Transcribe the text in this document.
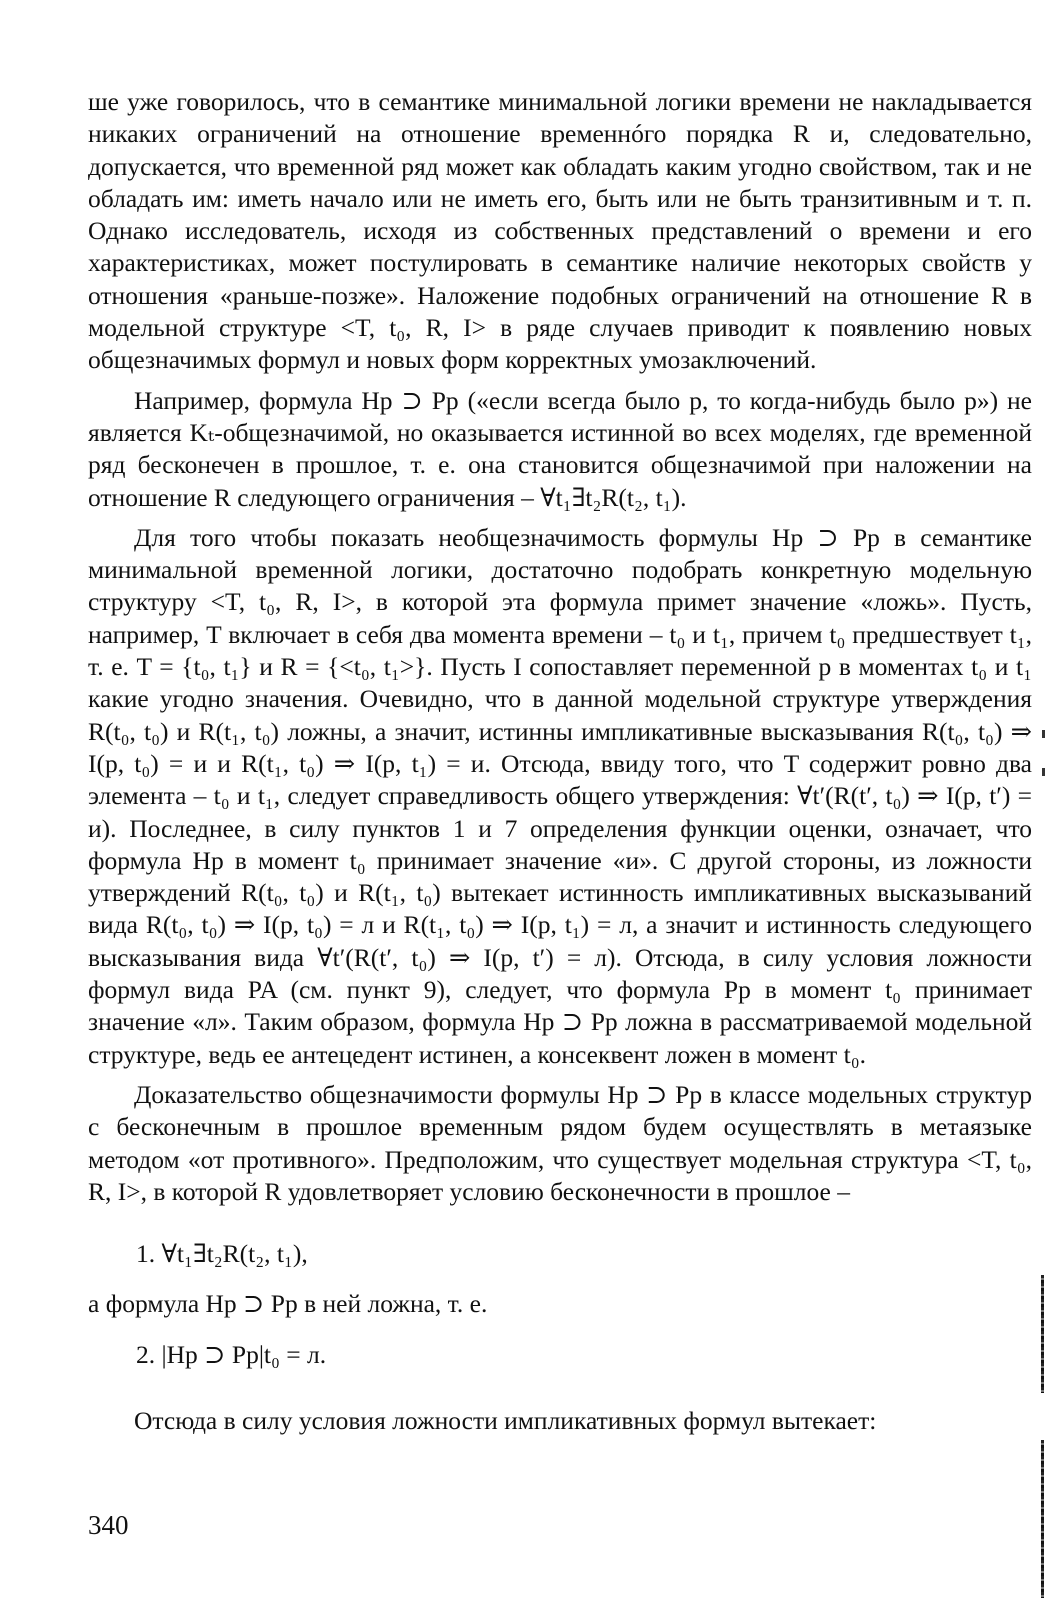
ше уже говорилось, что в семантике минимальной логики времени не накладывается никаких ограничений на отношение временнóго порядка R и, следовательно, допускается, что временной ряд может как обладать каким угодно свойством, так и не обладать им: иметь начало или не иметь его, быть или не быть транзитивным и т. п. Однако исследователь, исходя из собственных представлений о времени и его характеристиках, может постулировать в семантике наличие некоторых свойств у отношения «раньше-позже». Наложение подобных ограничений на отношение R в модельной структуре <T, t₀, R, I> в ряде случаев приводит к появлению новых общезначимых формул и новых форм корректных умозаключений.

Например, формула Hp ⊃ Pp («если всегда было p, то когда-нибудь было p») не является Kₜ-общезначимой, но оказывается истинной во всех моделях, где временной ряд бесконечен в прошлое, т. е. она становится общезначимой при наложении на отношение R следующего ограничения – ∀t₁∃t₂R(t₂, t₁).

Для того чтобы показать необщезначимость формулы Hp ⊃ Pp в семантике минимальной временной логики, достаточно подобрать конкретную модельную структуру <T, t₀, R, I>, в которой эта формула примет значение «ложь». Пусть, например, T включает в себя два момента времени – t₀ и t₁, причем t₀ предшествует t₁, т. е. T = {t₀, t₁} и R = {<t₀, t₁>}. Пусть I сопоставляет переменной p в моментах t₀ и t₁ какие угодно значения. Очевидно, что в данной модельной структуре утверждения R(t₀, t₀) и R(t₁, t₀) ложны, а значит, истинны импликативные высказывания R(t₀, t₀) ⇒ I(p, t₀) = и и R(t₁, t₀) ⇒ I(p, t₁) = и. Отсюда, ввиду того, что T содержит ровно два элемента – t₀ и t₁, следует справедливость общего утверждения: ∀t′(R(t′, t₀) ⇒ I(p, t′) = и). Последнее, в силу пунктов 1 и 7 определения функции оценки, означает, что формула Hp в момент t₀ принимает значение «и». С другой стороны, из ложности утверждений R(t₀, t₀) и R(t₁, t₀) вытекает истинность импликативных высказываний вида R(t₀, t₀) ⇒ I(p, t₀) = л и R(t₁, t₀) ⇒ I(p, t₁) = л, а значит и истинность следующего высказывания вида ∀t′(R(t′, t₀) ⇒ I(p, t′) = л). Отсюда, в силу условия ложности формул вида PA (см. пункт 9), следует, что формула Pp в момент t₀ принимает значение «л». Таким образом, формула Hp ⊃ Pp ложна в рассматриваемой модельной структуре, ведь ее антецедент истинен, а консеквент ложен в момент t₀.

Доказательство общезначимости формулы Hp ⊃ Pp в классе модельных структур с бесконечным в прошлое временным рядом будем осуществлять в метаязыке методом «от противного». Предположим, что существует модельная структура <T, t₀, R, I>, в которой R удовлетворяет условию бесконечности в прошлое –

1. ∀t₁∃t₂R(t₂, t₁),

а формула Hp ⊃ Pp в ней ложна, т. е.

2. |Hp ⊃ Pp|t₀ = л.

Отсюда в силу условия ложности импликативных формул вытекает:

340
